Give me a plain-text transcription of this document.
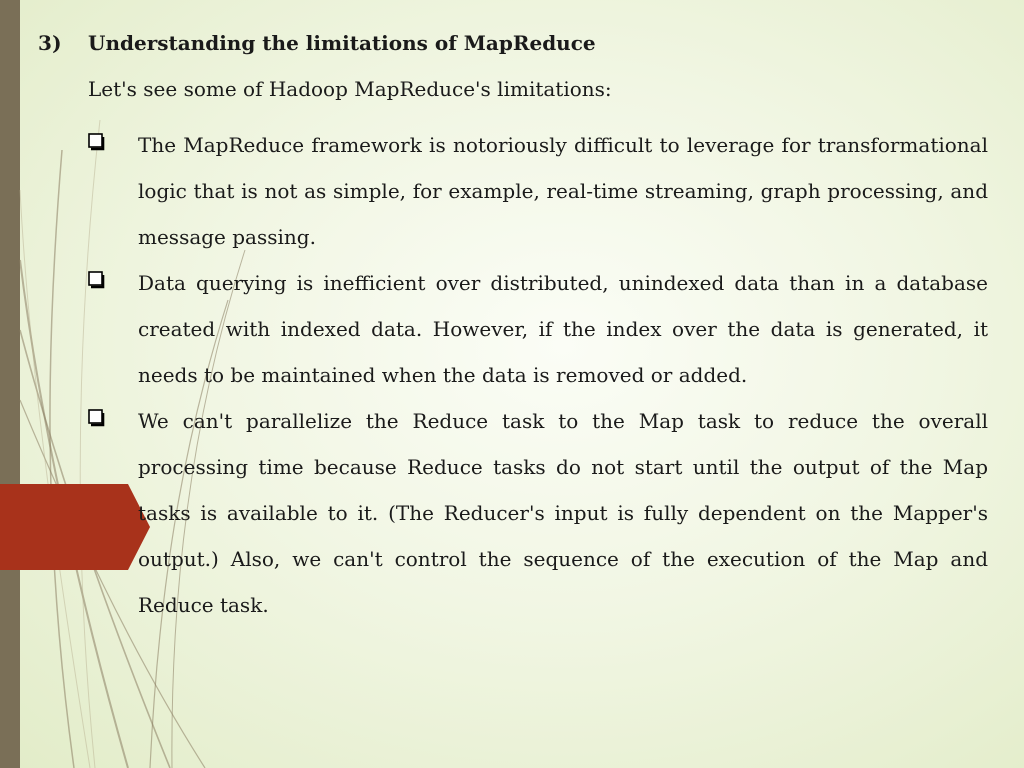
3) Understanding the limitations of MapReduce
Let's see some of Hadoop MapReduce's limitations:

The MapReduce framework is notoriously difficult to leverage for transformational logic that is not as simple, for example, real-time streaming, graph processing, and message passing.

Data querying is inefficient over distributed, unindexed data than in a database created with indexed data. However, if the index over the data is generated, it needs to be maintained when the data is removed or added.

We can't parallelize the Reduce task to the Map task to reduce the overall processing time because Reduce tasks do not start until the output of the Map tasks is available to it. (The Reducer's input is fully dependent on the Mapper's output.) Also, we can't control the sequence of the execution of the Map and Reduce task.
